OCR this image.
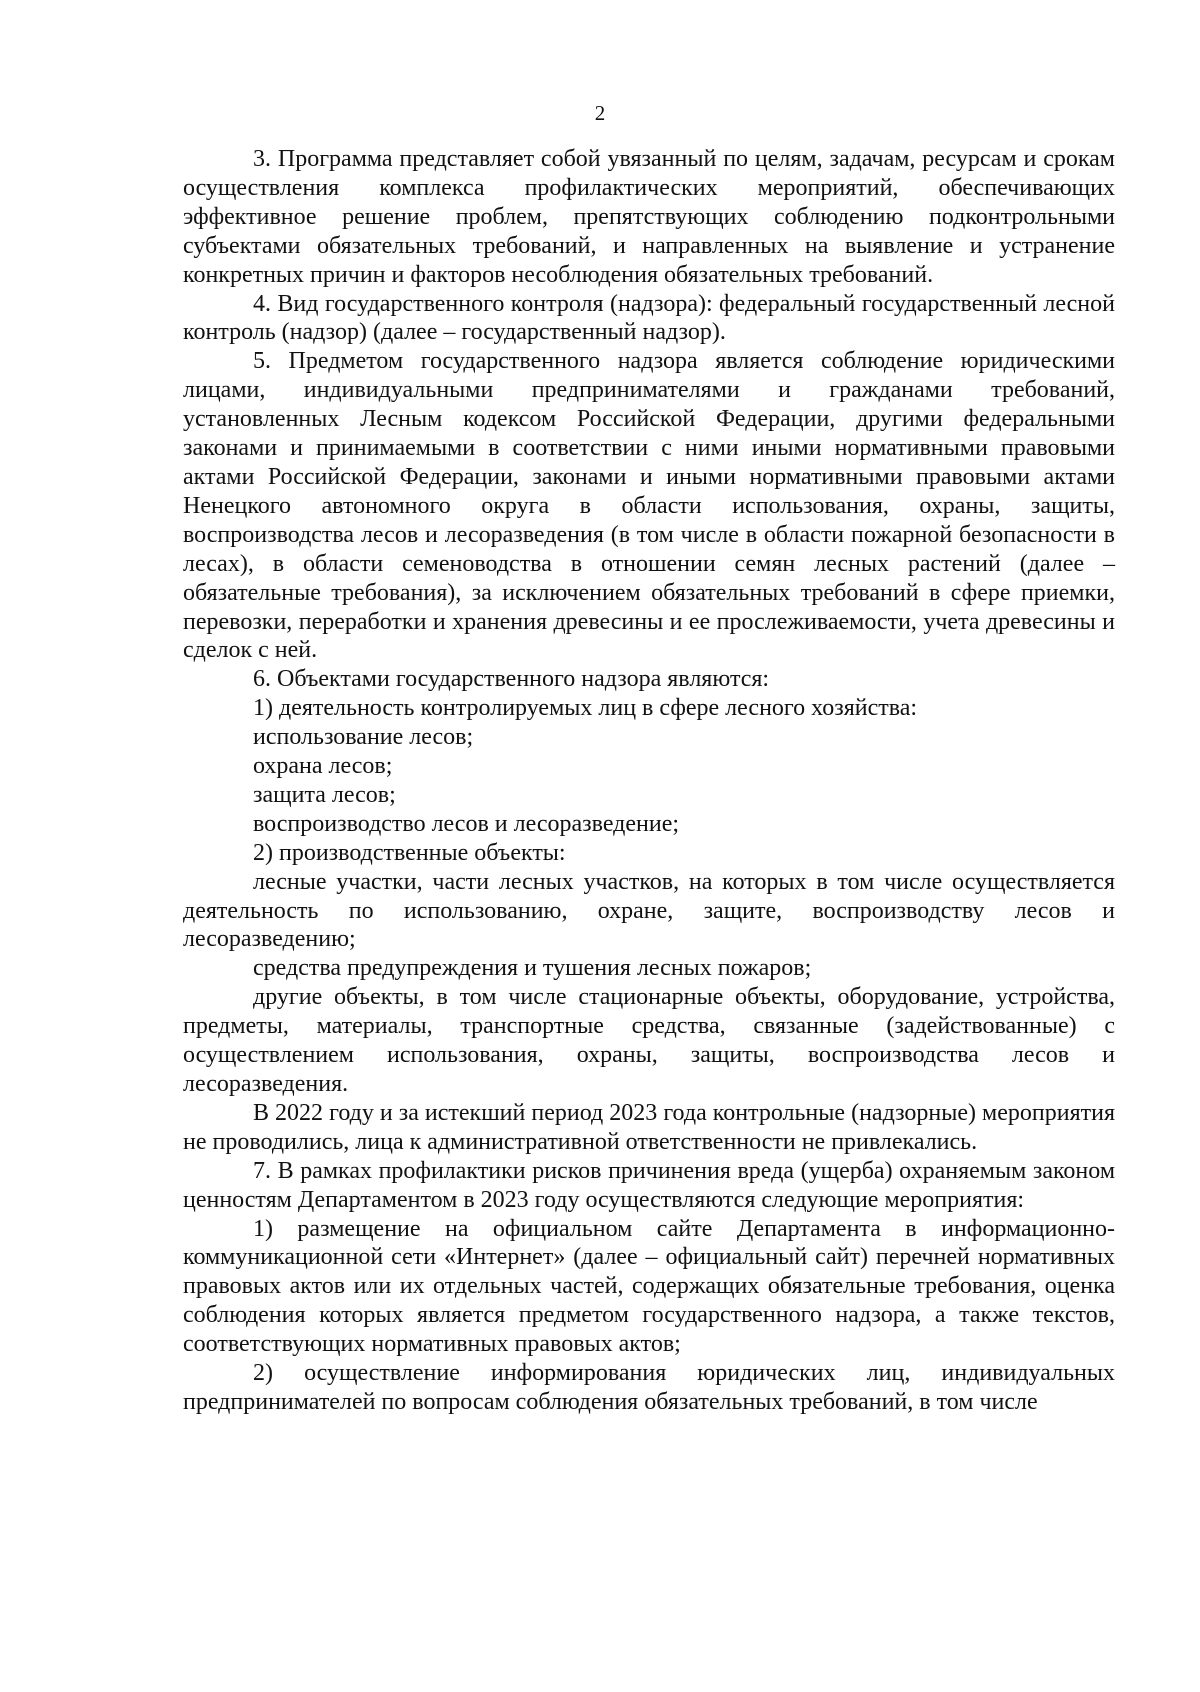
2

3. Программа представляет собой увязанный по целям, задачам, ресурсам и срокам осуществления комплекса профилактических мероприятий, обеспечивающих эффективное решение проблем, препятствующих соблюдению подконтрольными субъектами обязательных требований, и направленных на выявление и устранение конкретных причин и факторов несоблюдения обязательных требований.

4. Вид государственного контроля (надзора): федеральный государственный лесной контроль (надзор) (далее – государственный надзор).

5. Предметом государственного надзора является соблюдение юридическими лицами, индивидуальными предпринимателями и гражданами требований, установленных Лесным кодексом Российской Федерации, другими федеральными законами и принимаемыми в соответствии с ними иными нормативными правовыми актами Российской Федерации, законами и иными нормативными правовыми актами Ненецкого автономного округа в области использования, охраны, защиты, воспроизводства лесов и лесоразведения (в том числе в области пожарной безопасности в лесах), в области семеноводства в отношении семян лесных растений (далее – обязательные требования), за исключением обязательных требований в сфере приемки, перевозки, переработки и хранения древесины и ее прослеживаемости, учета древесины и сделок с ней.

6. Объектами государственного надзора являются:

1) деятельность контролируемых лиц в сфере лесного хозяйства:

использование лесов;

охрана лесов;

защита лесов;

воспроизводство лесов и лесоразведение;

2) производственные объекты:

лесные участки, части лесных участков, на которых в том числе осуществляется деятельность по использованию, охране, защите, воспроизводству лесов и лесоразведению;

средства предупреждения и тушения лесных пожаров;

другие объекты, в том числе стационарные объекты, оборудование, устройства, предметы, материалы, транспортные средства, связанные (задействованные) с осуществлением использования, охраны, защиты, воспроизводства лесов и лесоразведения.

В 2022 году и за истекший период 2023 года контрольные (надзорные) мероприятия не проводились, лица к административной ответственности не привлекались.

7. В рамках профилактики рисков причинения вреда (ущерба) охраняемым законом ценностям Департаментом в 2023 году осуществляются следующие мероприятия:

1) размещение на официальном сайте Департамента в информационно-коммуникационной сети «Интернет» (далее – официальный сайт) перечней нормативных правовых актов или их отдельных частей, содержащих обязательные требования, оценка соблюдения которых является предметом государственного надзора, а также текстов, соответствующих нормативных правовых актов;

2) осуществление информирования юридических лиц, индивидуальных предпринимателей по вопросам соблюдения обязательных требований, в том числе
